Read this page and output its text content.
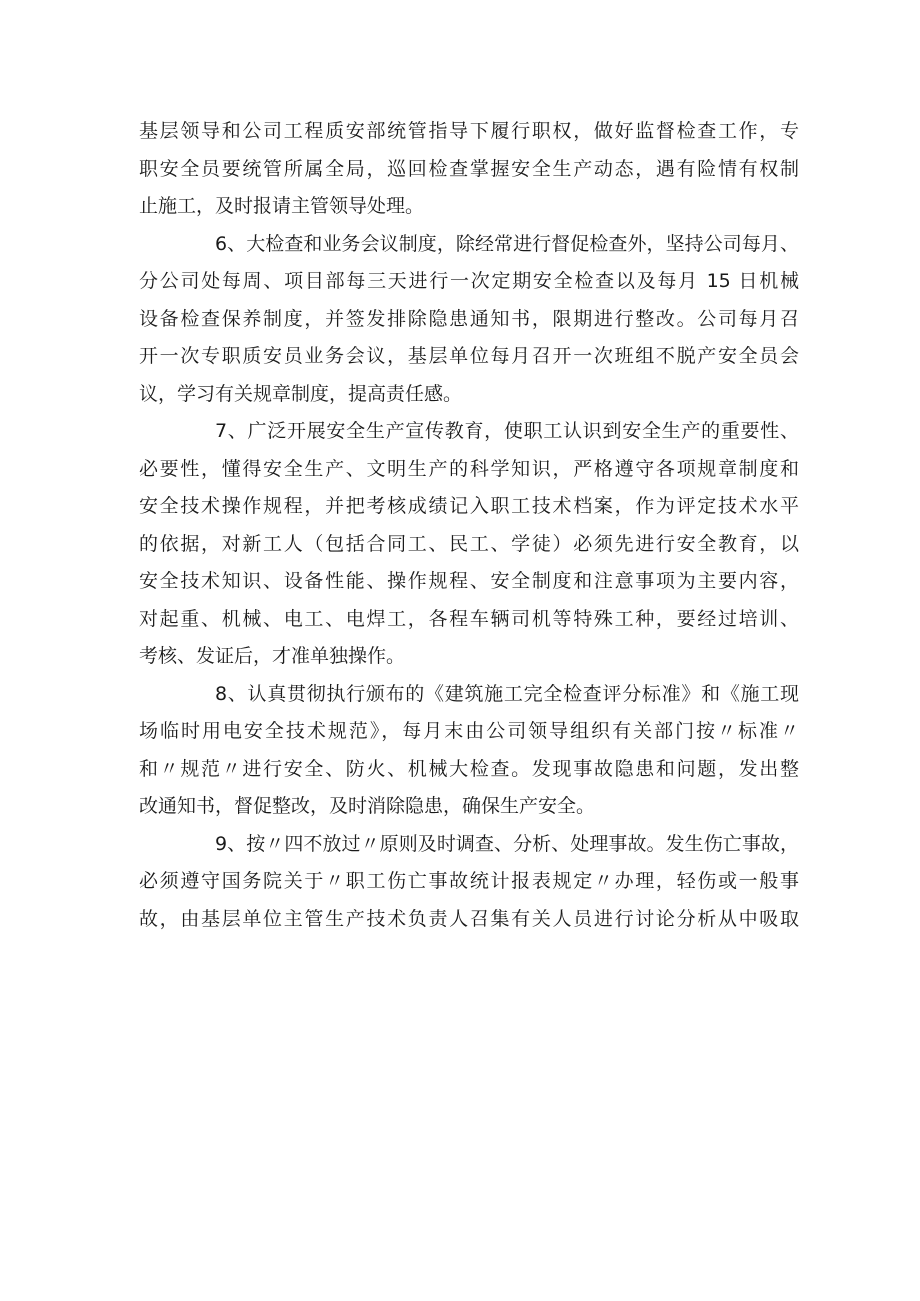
基层领导和公司工程质安部统管指导下履行职权，做好监督检查工作，专
职安全员要统管所属全局，巡回检查掌握安全生产动态，遇有险情有权制
止施工，及时报请主管领导处理。
6、大检查和业务会议制度，除经常进行督促检查外，坚持公司每月、
分公司处每周、项目部每三天进行一次定期安全检查以及每月 15 日机械
设备检查保养制度，并签发排除隐患通知书，限期进行整改。公司每月召
开一次专职质安员业务会议，基层单位每月召开一次班组不脱产安全员会
议，学习有关规章制度，提高责任感。
7、广泛开展安全生产宣传教育，使职工认识到安全生产的重要性、
必要性，懂得安全生产、文明生产的科学知识，严格遵守各项规章制度和
安全技术操作规程，并把考核成绩记入职工技术档案，作为评定技术水平
的依据，对新工人（包括合同工、民工、学徒）必须先进行安全教育，以
安全技术知识、设备性能、操作规程、安全制度和注意事项为主要内容，
对起重、机械、电工、电焊工，各程车辆司机等特殊工种，要经过培训、
考核、发证后，才准单独操作。
8、认真贯彻执行颁布的《建筑施工完全检查评分标准》和《施工现
场临时用电安全技术规范》，每月末由公司领导组织有关部门按〃标准〃
和〃规范〃进行安全、防火、机械大检查。发现事故隐患和问题，发出整
改通知书，督促整改，及时消除隐患，确保生产安全。
9、按〃四不放过〃原则及时调查、分析、处理事故。发生伤亡事故，
必须遵守国务院关于〃职工伤亡事故统计报表规定〃办理，轻伤或一般事
故，由基层单位主管生产技术负责人召集有关人员进行讨论分析从中吸取
